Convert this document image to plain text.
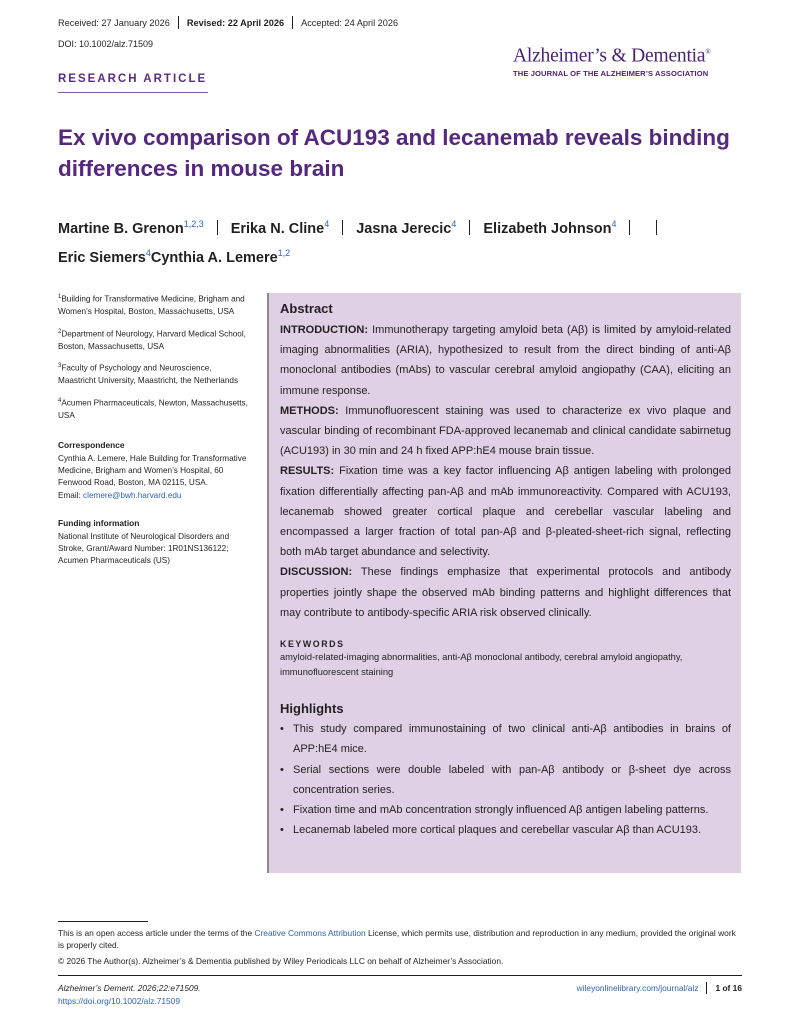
Received: 27 January 2026 Revised: 22 April 2026 Accepted: 24 April 2026
DOI: 10.1002/alz.71509
Alzheimer’s & Dementia®
THE JOURNAL OF THE ALZHEIMER’S ASSOCIATION
RESEARCH ARTICLE
Ex vivo comparison of ACU193 and lecanemab reveals binding differences in mouse brain
Martine B. Grenon$^{1,2,3}$ Erika N. Cline$^4$ Jasna Jerecic$^4$ Elizabeth Johnson$^4$
Eric Siemers$^4$Cynthia A. Lemere$^{1,2}$
$^1$Building for Transformative Medicine, Brigham and Women’s Hospital, Boston, Massachusetts, USA
$^2$Department of Neurology, Harvard Medical School, Boston, Massachusetts, USA
$^3$Faculty of Psychology and Neuroscience, Maastricht University, Maastricht, the Netherlands
$^4$Acumen Pharmaceuticals, Newton, Massachusetts, USA
Correspondence
Cynthia A. Lemere, Hale Building for Transformative Medicine, Brigham and Women’s Hospital, 60 Fenwood Road, Boston, MA 02115, USA.
Email: clemere@bwh.harvard.edu
Funding information
National Institute of Neurological Disorders and Stroke, Grant/Award Number: 1R01NS136122; Acumen Pharmaceuticals (US)
Abstract

INTRODUCTION: Immunotherapy targeting amyloid beta (Aβ) is limited by amyloid-related imaging abnormalities (ARIA), hypothesized to result from the direct binding of anti-Aβ monoclonal antibodies (mAbs) to vascular cerebral amyloid angiopathy (CAA), eliciting an immune response.

METHODS: Immunofluorescent staining was used to characterize ex vivo plaque and vascular binding of recombinant FDA-approved lecanemab and clinical candidate sabirnetug (ACU193) in 30 min and 24 h fixed APP:hE4 mouse brain tissue.

RESULTS: Fixation time was a key factor influencing Aβ antigen labeling with prolonged fixation differentially affecting pan-Aβ and mAb immunoreactivity. Compared with ACU193, lecanemab showed greater cortical plaque and cerebellar vascular labeling and encompassed a larger fraction of total pan-Aβ and β-pleated-sheet-rich signal, reflecting both mAb target abundance and selectivity.

DISCUSSION: These findings emphasize that experimental protocols and antibody properties jointly shape the observed mAb binding patterns and highlight differences that may contribute to antibody-specific ARIA risk observed clinically.

KEYWORDS
amyloid-related-imaging abnormalities, anti-Aβ monoclonal antibody, cerebral amyloid angiopathy, immunofluorescent staining
Highlights
• This study compared immunostaining of two clinical anti-Aβ antibodies in brains of APP:hE4 mice.
• Serial sections were double labeled with pan-Aβ antibody or β-sheet dye across concentration series.
• Fixation time and mAb concentration strongly influenced Aβ antigen labeling patterns.
• Lecanemab labeled more cortical plaques and cerebellar vascular Aβ than ACU193.

This is an open access article under the terms of the Creative Commons Attribution License, which permits use, distribution and reproduction in any medium, provided the original work is properly cited.

© 2026 The Author(s). Alzheimer’s & Dementia published by Wiley Periodicals LLC on behalf of Alzheimer’s Association.

Alzheimer’s Dement. 2026;22:e71509.
https://doi.org/10.1002/alz.71509
wileyonlinelibrary.com/journal/alz 1 of 16
